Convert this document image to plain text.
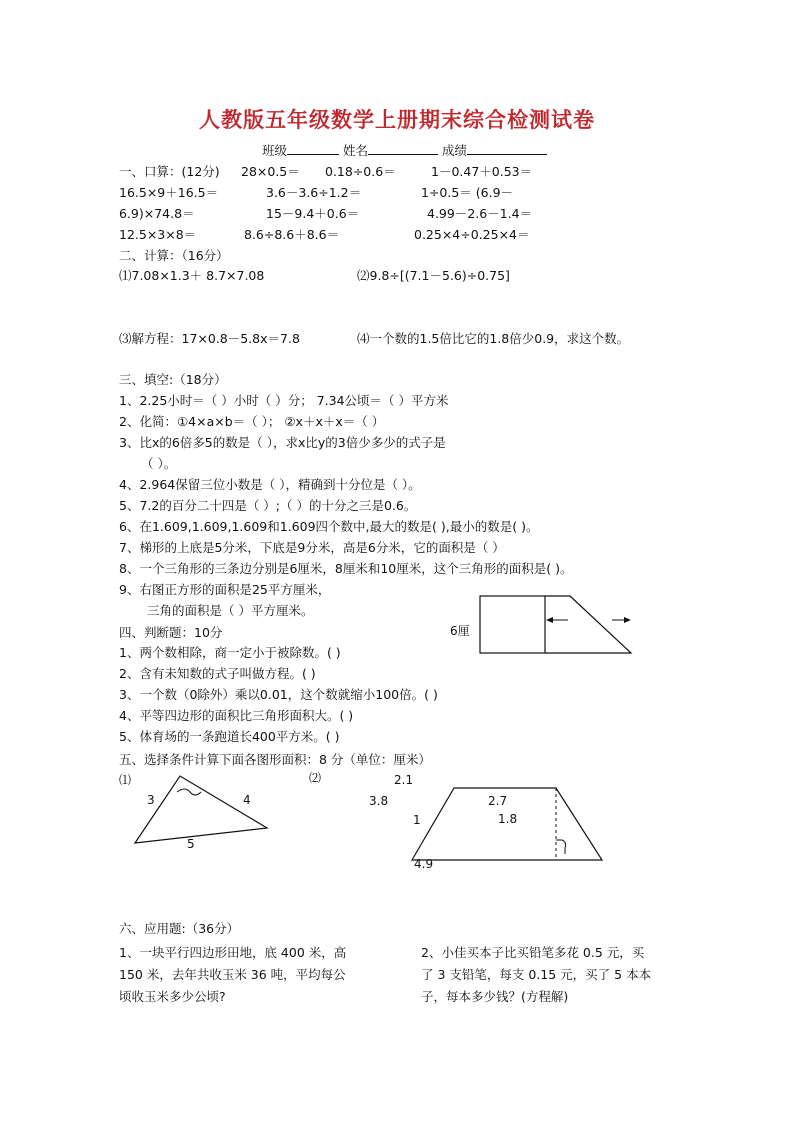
人教版五年级数学上册期末综合检测试卷
班级	姓名	成绩
一、口算：(12分) 28×0.5＝ 0.18÷0.6＝	1－0.47＋0.53＝
16.5×9＋16.5＝	3.6－3.6÷1.2＝	1÷0.5＝ (6.9－
6.9)×74.8＝	15－9.4＋0.6＝	4.99－2.6－1.4＝
12.5×3×8＝	8.6÷8.6＋8.6＝	0.25×4÷0.25×4＝
二、计算：（16分）
⑴7.08×1.3＋ 8.7×7.08	⑵9.8÷[(7.1－5.6)÷0.75]
⑶解方程：17×0.8－5.8x＝7.8	⑷一个数的1.5倍比它的1.8倍少0.9，求这个数。
三、填空:（18分）
1、2.25小时＝（ ）小时（ ）分； 7.34公顷＝（ ）平方米
2、化简：①4×a×b＝（ ）； ②x＋x＋x＝（ ）
3、比x的6倍多5的数是（ ），求x比y的3倍少多少的式子是
（ ）。
4、2.964保留三位小数是（ ），精确到十分位是（ ）。
5、7.2的百分二十四是（ ）;（ ）的十分之三是0.6。
6、在1.609,1.609,1.609和1.609四个数中,最大的数是( ),最小的数是( )。
7、梯形的上底是5分米，下底是9分米，高是6分米，它的面积是（ ）
8、一个三角形的三条边分别是6厘米，8厘米和10厘米，这个三角形的面积是( )。
9、右图正方形的面积是25平方厘米，
三角的面积是（ ）平方厘米。
6厘
四、判断题：10分
1、两个数相除，商一定小于被除数。( )
2、含有未知数的式子叫做方程。( )
3、一个数（0除外）乘以0.01，这个数就缩小100倍。( )
4、平等四边形的面积比三角形面积大。( )
5、体育场的一条跑道长400平方米。( )
五、选择条件计算下面各图形面积：8 分（单位：厘米）
⑴
3	4
5
⑵	2.1
3.8
1
2.7
1.8
4.9
六、应用题:（36分）
1、一块平行四边形田地，底 400 米，高
150 米，去年共收玉米 36 吨，平均每公
顷收玉米多少公顷?
2、小佳买本子比买铅笔多花 0.5 元，买
了 3 支铅笔，每支 0.15 元，买了 5 本本
子，每本多少钱？(方程解)
